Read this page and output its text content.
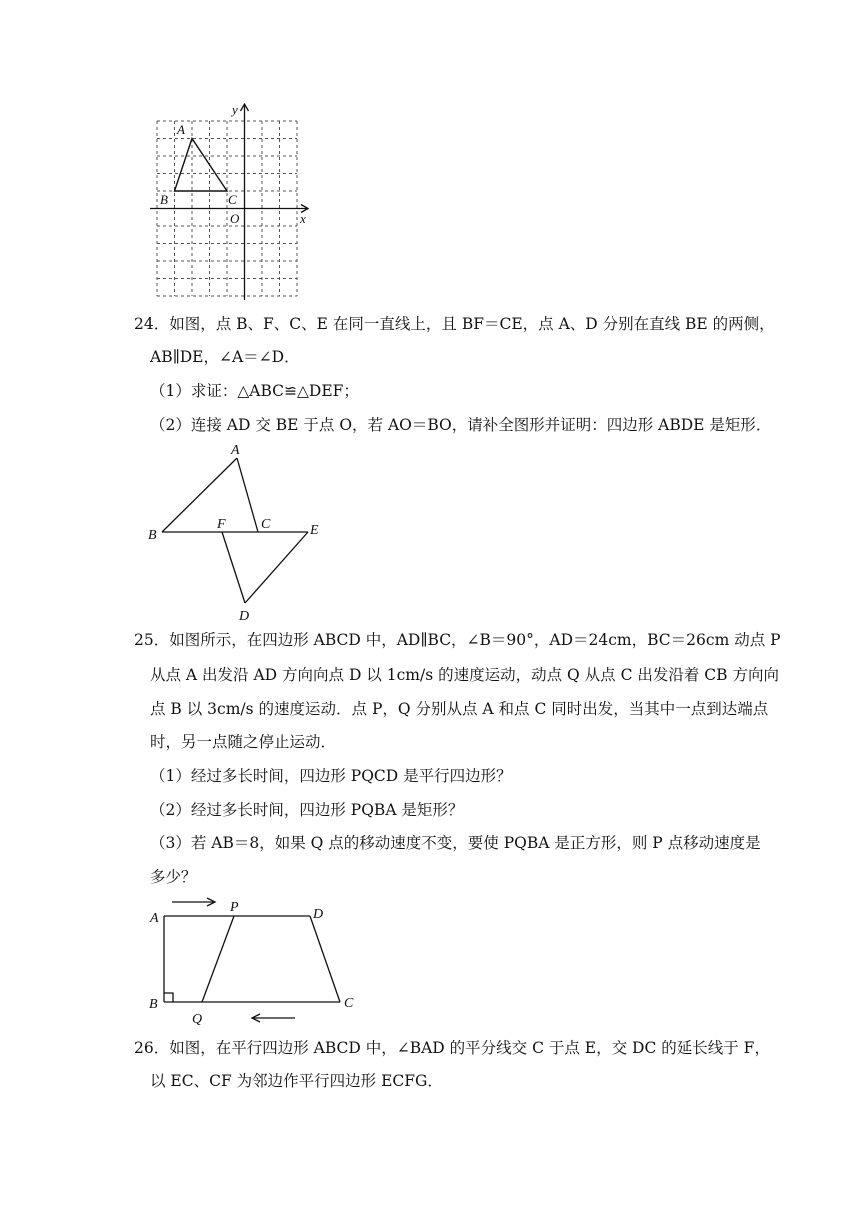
A
B	C
O	x
y
24．如图，点 B、F、C、E 在同一直线上，且 BF＝CE，点 A、D 分别在直线 BE 的两侧，
AB∥DE，∠A＝∠D．
（1）求证：△ABC≌△DEF；
（2）连接 AD 交 BE 于点 O，若 AO＝BO，请补全图形并证明：四边形 ABDE 是矩形．
A
B
F	C	E
D
25．如图所示，在四边形 ABCD 中，AD∥BC，∠B＝90°，AD＝24cm，BC＝26cm 动点 P
从点 A 出发沿 AD 方向向点 D 以 1cm/s 的速度运动，动点 Q 从点 C 出发沿着 CB 方向向
点 B 以 3cm/s 的速度运动．点 P，Q 分别从点 A 和点 C 同时出发，当其中一点到达端点
时，另一点随之停止运动．
（1）经过多长时间，四边形 PQCD 是平行四边形？
（2）经过多长时间，四边形 PQBA 是矩形？
（3）若 AB＝8，如果 Q 点的移动速度不变，要使 PQBA 是正方形，则 P 点移动速度是
多少？
A
P	D
B
Q
C
26．如图，在平行四边形 ABCD 中，∠BAD 的平分线交 C 于点 E，交 DC 的延长线于 F，
以 EC、CF 为邻边作平行四边形 ECFG．
